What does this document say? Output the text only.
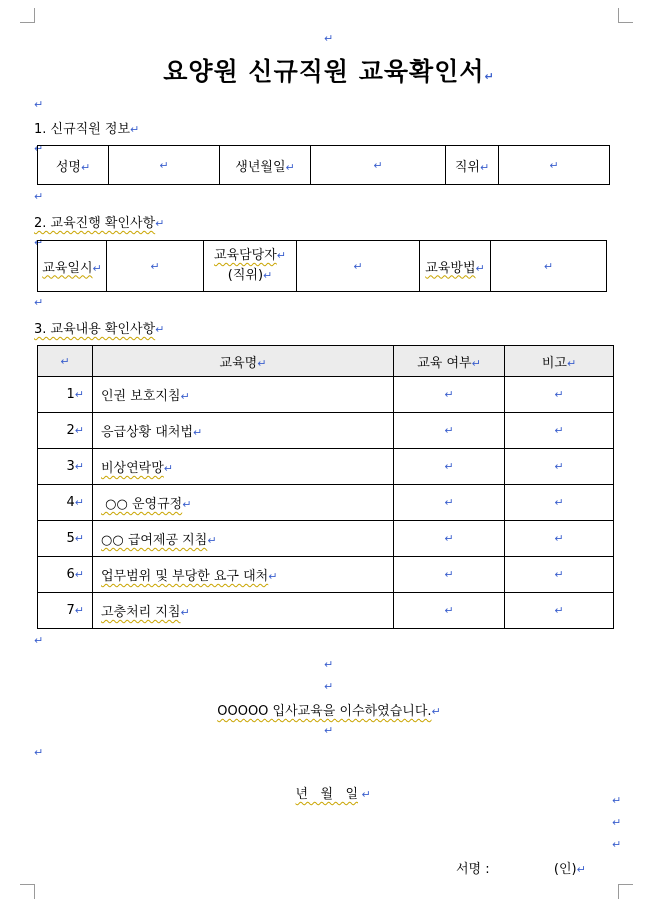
↵
요양원 신규직원 교육확인서↵
↵
1. 신규직원 정보↵
↵
성명↵	↵	생년월일↵	↵	직위↵	↵
↵
2. 교육진행 확인사항↵
↵
교육일시↵	↵	교육담당자↵
(직위)↵	↵	교육방법↵	↵
↵
3. 교육내용 확인사항↵
↵	교육명↵	교육 여부↵	비고↵
1↵	인권 보호지침↵	↵	↵
2↵	응급상황 대처법↵	↵	↵
3↵	비상연락망↵	↵	↵
4↵	○○ 운영규정↵	↵	↵
5↵	○○ 급여제공 지침↵	↵	↵
6↵	업무범위 및 부당한 요구 대처↵	↵	↵
7↵	고충처리 지침↵	↵	↵
↵
↵
↵
OOOOO 입사교육을 이수하였습니다.↵
↵
↵

년   월   일 ↵	↵
↵
↵
서명 :	(인)↵
